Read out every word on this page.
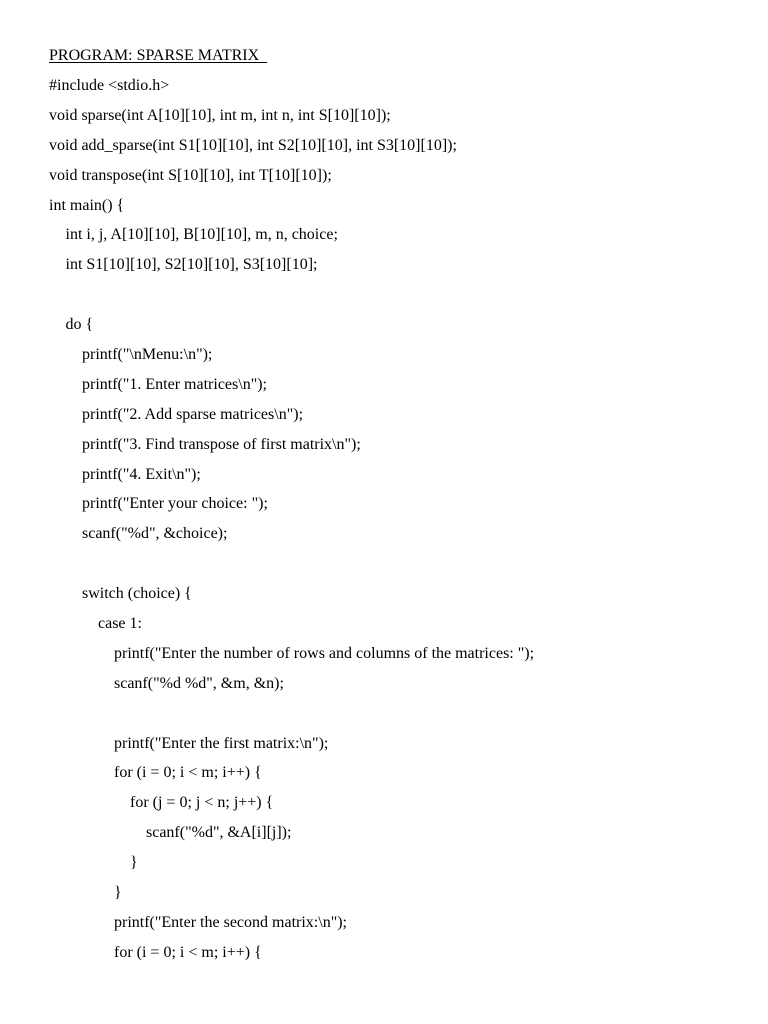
PROGRAM: SPARSE MATRIX
#include <stdio.h>
void sparse(int A[10][10], int m, int n, int S[10][10]);
void add_sparse(int S1[10][10], int S2[10][10], int S3[10][10]);
void transpose(int S[10][10], int T[10][10]);
int main() {
int i, j, A[10][10], B[10][10], m, n, choice;
int S1[10][10], S2[10][10], S3[10][10];
do {
printf("\nMenu:\n");
printf("1. Enter matrices\n");
printf("2. Add sparse matrices\n");
printf("3. Find transpose of first matrix\n");
printf("4. Exit\n");
printf("Enter your choice: ");
scanf("%d", &choice);
switch (choice) {
case 1:
printf("Enter the number of rows and columns of the matrices: ");
scanf("%d %d", &m, &n);
printf("Enter the first matrix:\n");
for (i = 0; i < m; i++) {
for (j = 0; j < n; j++) {
scanf("%d", &A[i][j]);
}
}
printf("Enter the second matrix:\n");
for (i = 0; i < m; i++) {
